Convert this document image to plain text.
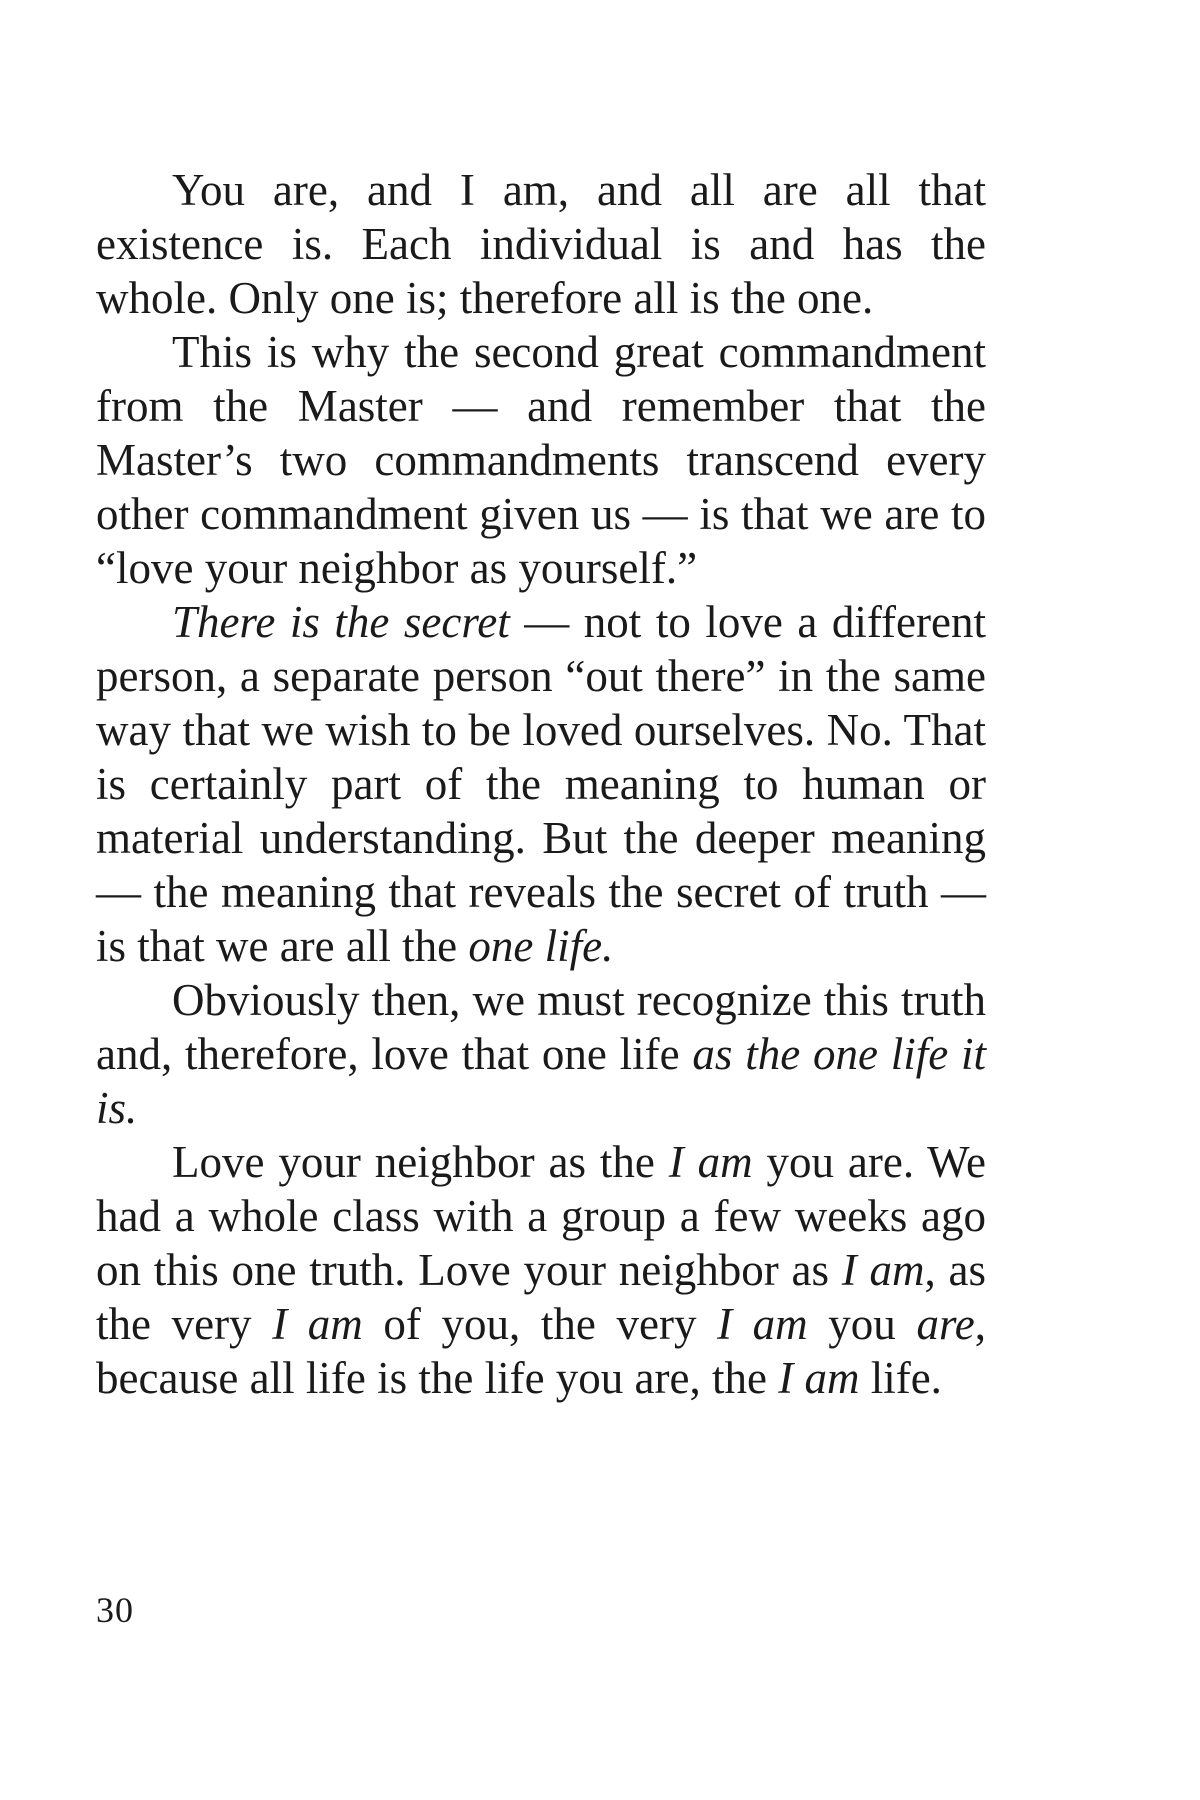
You are, and I am, and all are all that existence is. Each individual is and has the whole. Only one is; therefore all is the one.

This is why the second great commandment from the Master — and remember that the Master’s two commandments transcend every other commandment given us — is that we are to “love your neighbor as yourself.”

There is the secret — not to love a different person, a separate person “out there” in the same way that we wish to be loved ourselves. No. That is certainly part of the meaning to human or material understanding. But the deeper meaning — the meaning that reveals the secret of truth — is that we are all the one life.

Obviously then, we must recognize this truth and, therefore, love that one life as the one life it is.

Love your neighbor as the I am you are. We had a whole class with a group a few weeks ago on this one truth. Love your neighbor as I am, as the very I am of you, the very I am you are, because all life is the life you are, the I am life.

30
